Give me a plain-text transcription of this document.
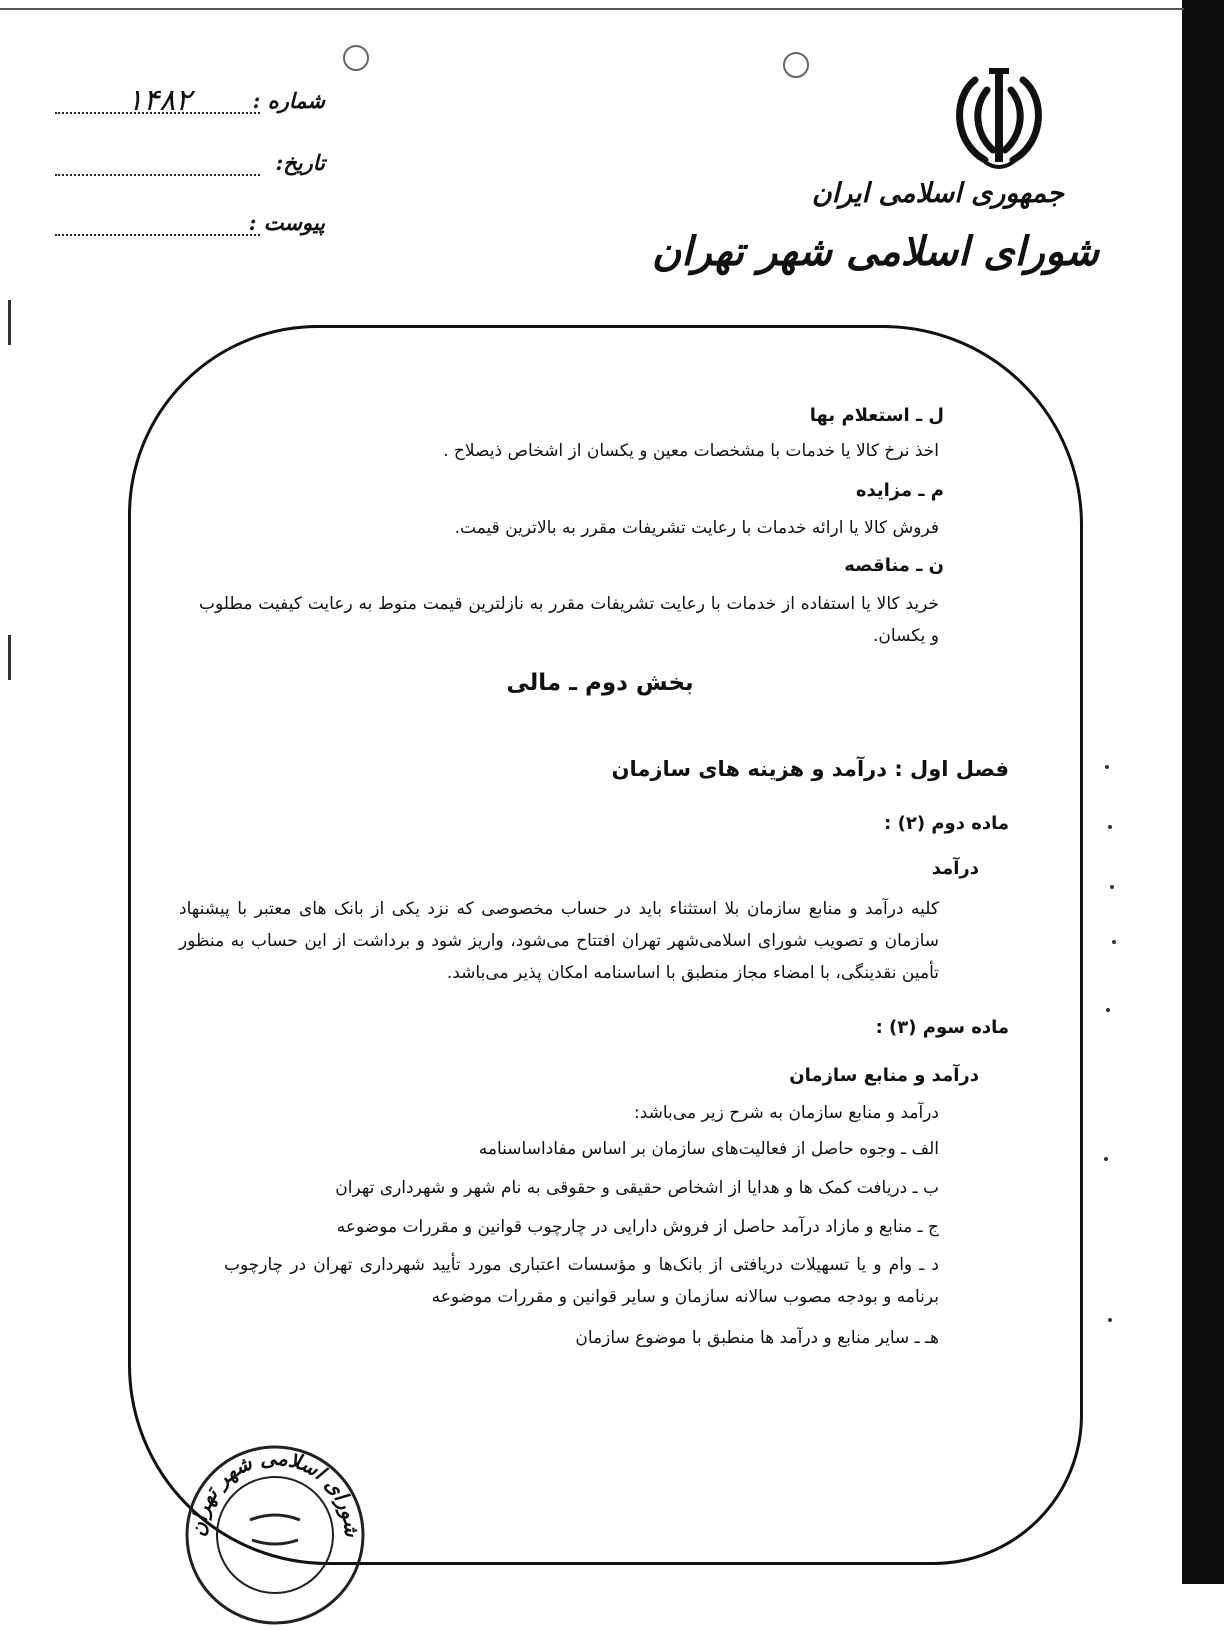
جمهوری اسلامی ایران
شورای اسلامی شهر تهران
شماره :
۱۴۸۲
تاریخ:
پیوست :
ل ـ استعلام بها
اخذ نرخ کالا یا خدمات با مشخصات معین و یکسان از اشخاص ذیصلاح .
م ـ مزایده
فروش کالا یا ارائه خدمات با رعایت تشریفات مقرر به بالاترین قیمت.
ن ـ مناقصه
خرید کالا یا استفاده از خدمات با رعایت تشریفات مقرر به نازلترین قیمت منوط به رعایت کیفیت مطلوب و یکسان.
بخش دوم ـ مالی
فصل اول : درآمد و هزینه های سازمان
ماده دوم (۲) :
درآمد
کلیه درآمد و منابع سازمان بلا استثناء باید در حساب مخصوصی که نزد یکی از بانک های معتبر با پیشنهاد سازمان و تصویب شورای اسلامی‌شهر تهران افتتاح می‌شود، واریز شود و برداشت از این حساب به منظور تأمین نقدینگی، با امضاء مجاز منطبق با اساسنامه امکان پذیر می‌باشد.
ماده سوم (۳) :
درآمد و منابع سازمان
درآمد و منابع سازمان به شرح زیر می‌باشد:
الف ـ وجوه حاصل از فعالیت‌های سازمان بر اساس مفاداساسنامه
ب ـ دریافت کمک ها و هدایا از اشخاص حقیقی و حقوقی به نام شهر و شهرداری تهران
ج ـ منابع و مازاد درآمد حاصل از فروش دارایی در چارچوب قوانین و مقررات موضوعه
د ـ وام و یا تسهیلات دریافتی از بانک‌ها و مؤسسات اعتباری مورد تأیید شهرداری تهران در چارچوب برنامه و بودجه مصوب سالانه سازمان و سایر قوانین و مقررات موضوعه
هـ ـ سایر منابع و درآمد ها منطبق با موضوع سازمان
شورای اسلامی شهر تهران
